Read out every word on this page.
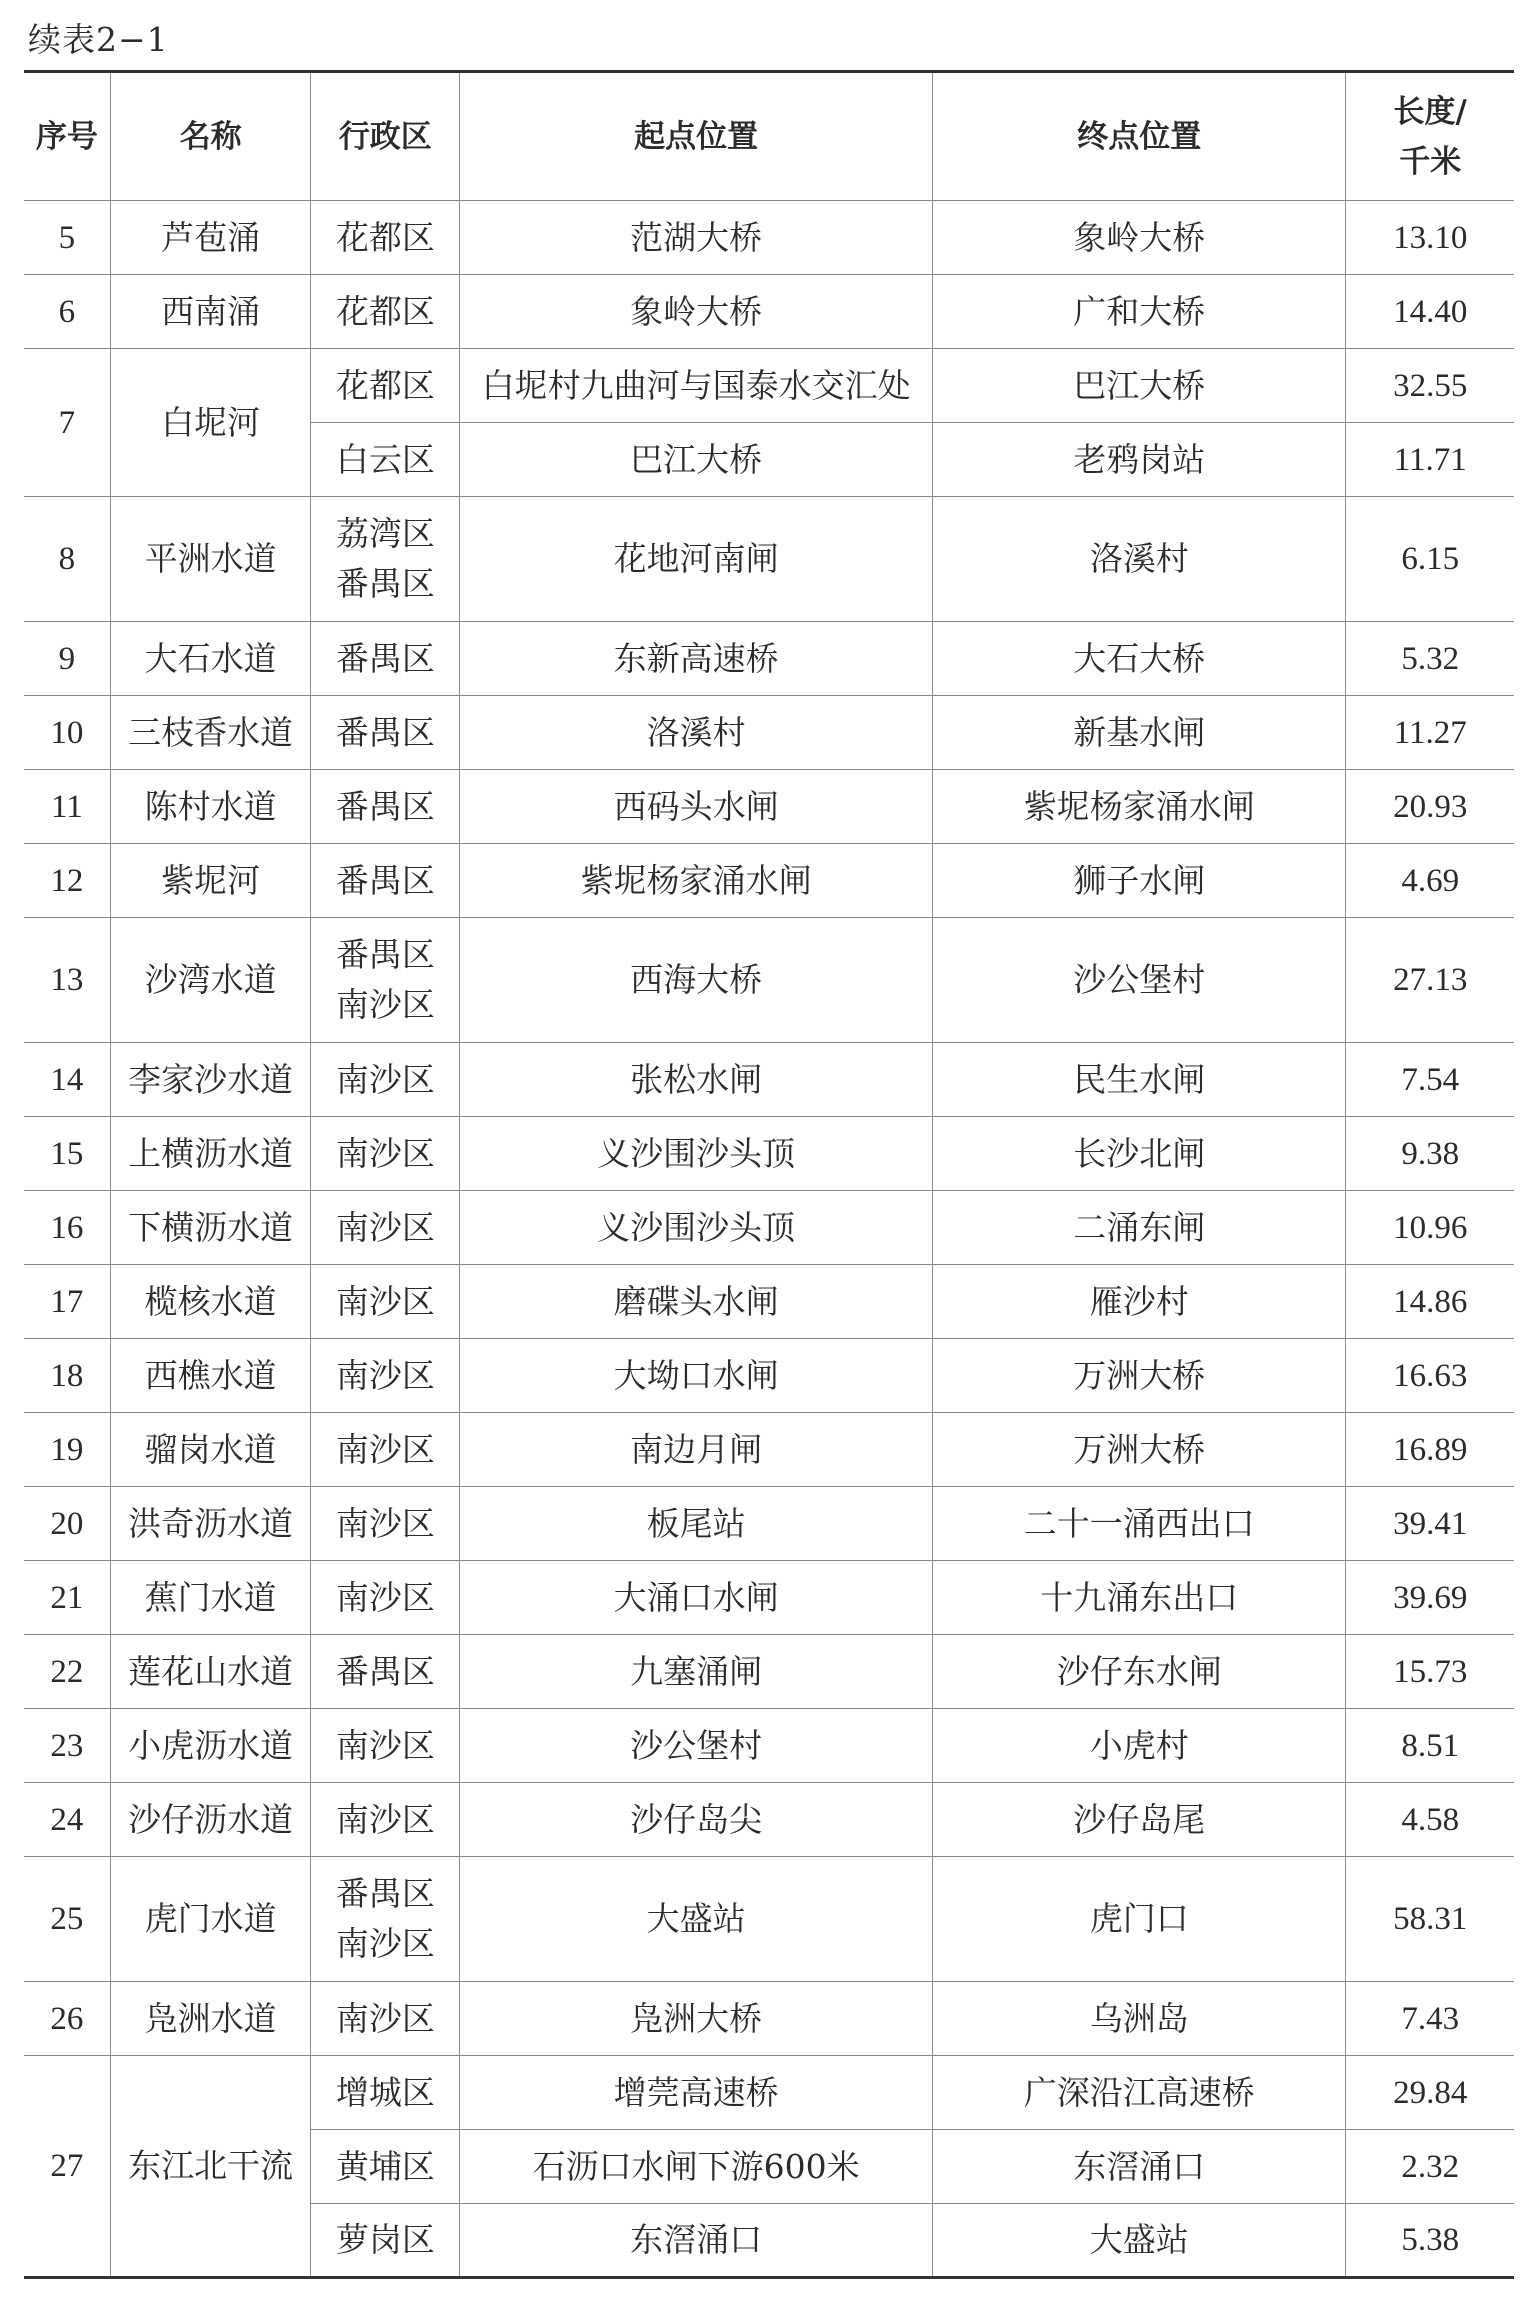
续表2−1
序号	名称	行政区	起点位置	终点位置	长度/
千米

5	芦苞涌	花都区	范湖大桥	象岭大桥	13.10
6	西南涌	花都区	象岭大桥	广和大桥	14.40
7	白坭河	花都区	白坭村九曲河与国泰水交汇处	巴江大桥	32.55
		白云区	巴江大桥	老鸦岗站	11.71
8	平洲水道	荔湾区
番禺区	花地河南闸	洛溪村	6.15
9	大石水道	番禺区	东新高速桥	大石大桥	5.32
10	三枝香水道	番禺区	洛溪村	新基水闸	11.27
11	陈村水道	番禺区	西码头水闸	紫坭杨家涌水闸	20.93
12	紫坭河	番禺区	紫坭杨家涌水闸	狮子水闸	4.69
13	沙湾水道	番禺区
南沙区	西海大桥	沙公堡村	27.13
14	李家沙水道	南沙区	张松水闸	民生水闸	7.54
15	上横沥水道	南沙区	义沙围沙头顶	长沙北闸	9.38
16	下横沥水道	南沙区	义沙围沙头顶	二涌东闸	10.96
17	榄核水道	南沙区	磨碟头水闸	雁沙村	14.86
18	西樵水道	南沙区	大坳口水闸	万洲大桥	16.63
19	骝岗水道	南沙区	南边月闸	万洲大桥	16.89
20	洪奇沥水道	南沙区	板尾站	二十一涌西出口	39.41
21	蕉门水道	南沙区	大涌口水闸	十九涌东出口	39.69
22	莲花山水道	番禺区	九塞涌闸	沙仔东水闸	15.73
23	小虎沥水道	南沙区	沙公堡村	小虎村	8.51
24	沙仔沥水道	南沙区	沙仔岛尖	沙仔岛尾	4.58
25	虎门水道	番禺区
南沙区	大盛站	虎门口	58.31
26	凫洲水道	南沙区	凫洲大桥	乌洲岛	7.43
27	东江北干流	增城区	增莞高速桥	广深沿江高速桥	29.84
		黄埔区	石沥口水闸下游600米	东滘涌口	2.32
		萝岗区	东滘涌口	大盛站	5.38
